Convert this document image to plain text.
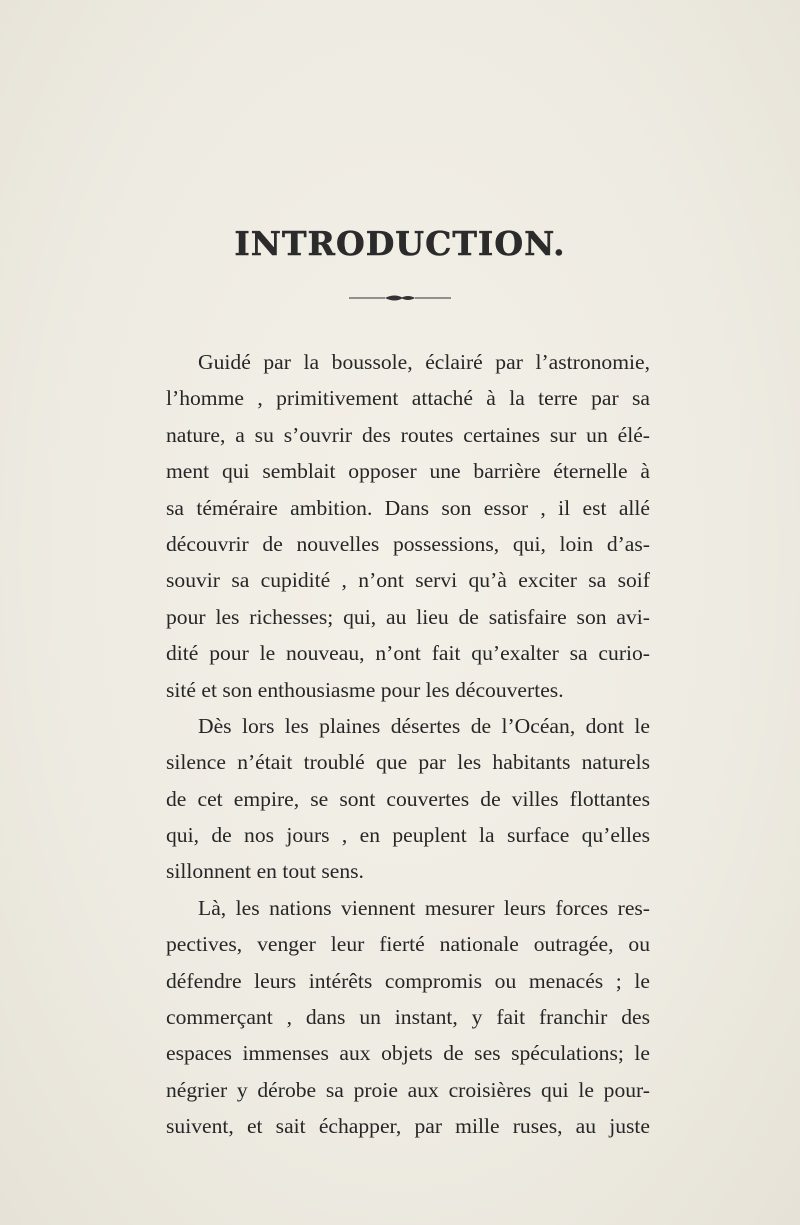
INTRODUCTION.
Guidé par la boussole, éclairé par l’astronomie,
l’homme , primitivement attaché à la terre par sa
nature, a su s’ouvrir des routes certaines sur un élé-
ment qui semblait opposer une barrière éternelle à
sa téméraire ambition. Dans son essor , il est allé
découvrir de nouvelles possessions, qui, loin d’as-
souvir sa cupidité , n’ont servi qu’à exciter sa soif
pour les richesses; qui, au lieu de satisfaire son avi-
dité pour le nouveau, n’ont fait qu’exalter sa curio-
sité et son enthousiasme pour les découvertes.
Dès lors les plaines désertes de l’Océan, dont le
silence n’était troublé que par les habitants naturels
de cet empire, se sont couvertes de villes flottantes
qui, de nos jours , en peuplent la surface qu’elles
sillonnent en tout sens.
Là, les nations viennent mesurer leurs forces res-
pectives, venger leur fierté nationale outragée, ou
défendre leurs intérêts compromis ou menacés ; le
commerçant , dans un instant, y fait franchir des
espaces immenses aux objets de ses spéculations; le
négrier y dérobe sa proie aux croisières qui le pour-
suivent, et sait échapper, par mille ruses, au juste
